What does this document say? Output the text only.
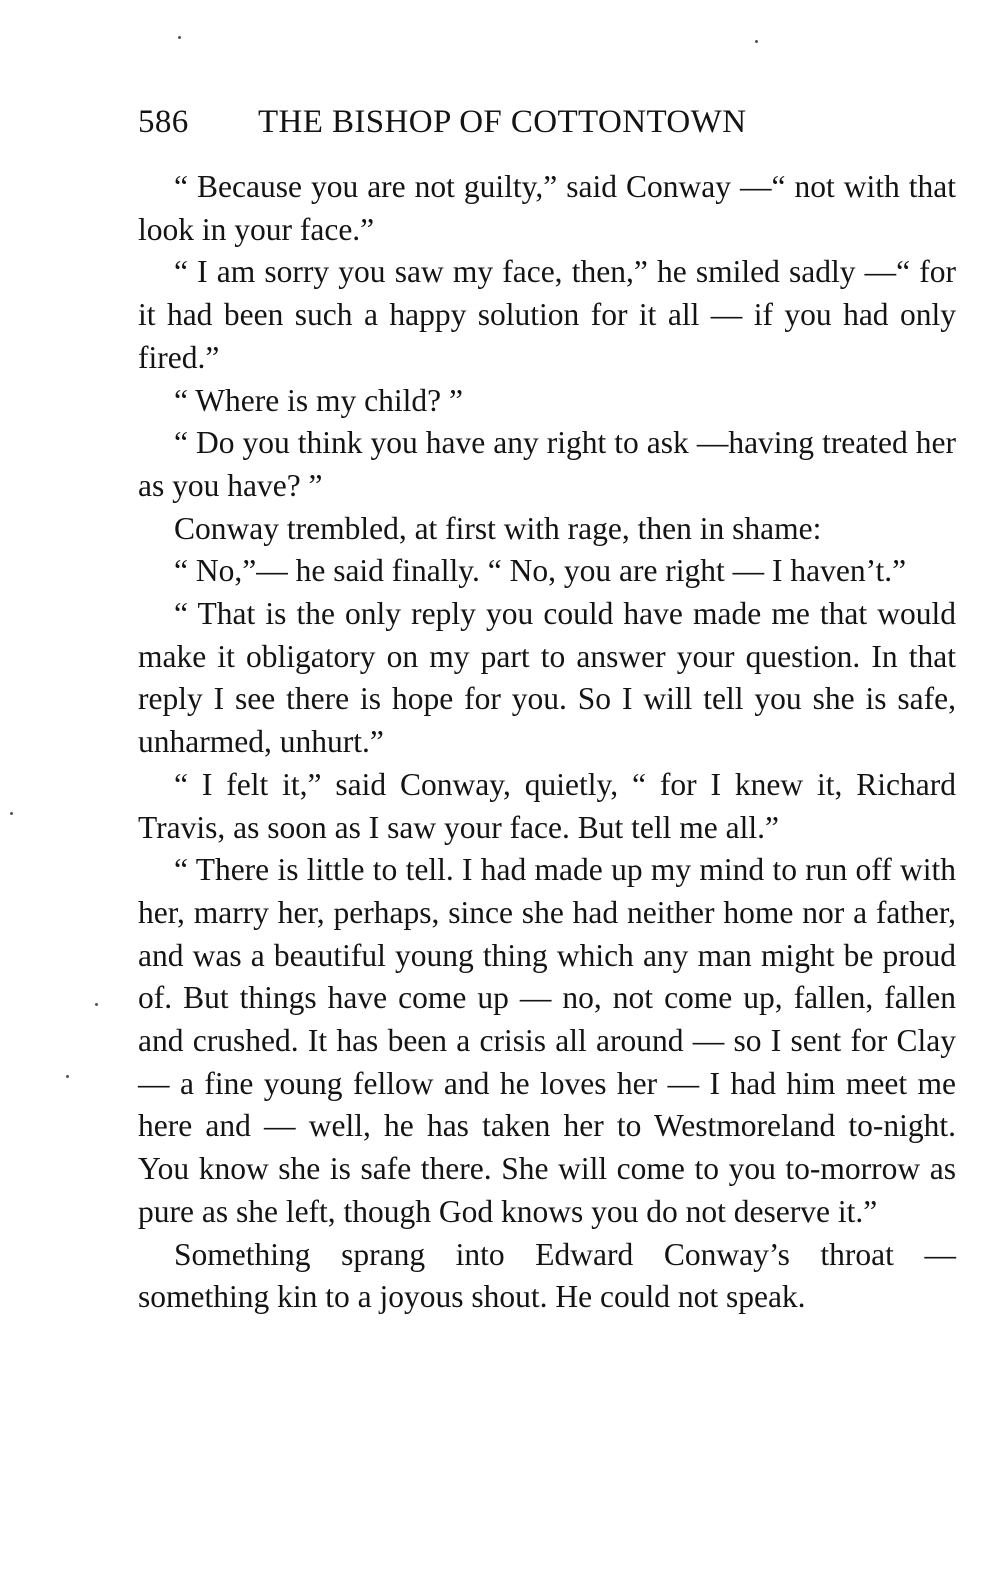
586 THE BISHOP OF COTTONTOWN

“ Because you are not guilty,” said Conway —“ not with that look in your face.”

“ I am sorry you saw my face, then,” he smiled sadly —“ for it had been such a happy solution for it all — if you had only fired.”

“ Where is my child? ”

“ Do you think you have any right to ask —having treated her as you have? ”

Conway trembled, at first with rage, then in shame:

“ No,”— he said finally. “ No, you are right — I haven’t.”

“ That is the only reply you could have made me that would make it obligatory on my part to answer your question. In that reply I see there is hope for you. So I will tell you she is safe, unharmed, unhurt.”

“ I felt it,” said Conway, quietly, “ for I knew it, Richard Travis, as soon as I saw your face. But tell me all.”

“ There is little to tell. I had made up my mind to run off with her, marry her, perhaps, since she had neither home nor a father, and was a beautiful young thing which any man might be proud of. But things have come up — no, not come up, fallen, fallen and crushed. It has been a crisis all around — so I sent for Clay — a fine young fellow and he loves her — I had him meet me here and — well, he has taken her to Westmoreland to-night. You know she is safe there. She will come to you to-morrow as pure as she left, though God knows you do not deserve it.”

Something sprang into Edward Conway’s throat — something kin to a joyous shout. He could not speak.
